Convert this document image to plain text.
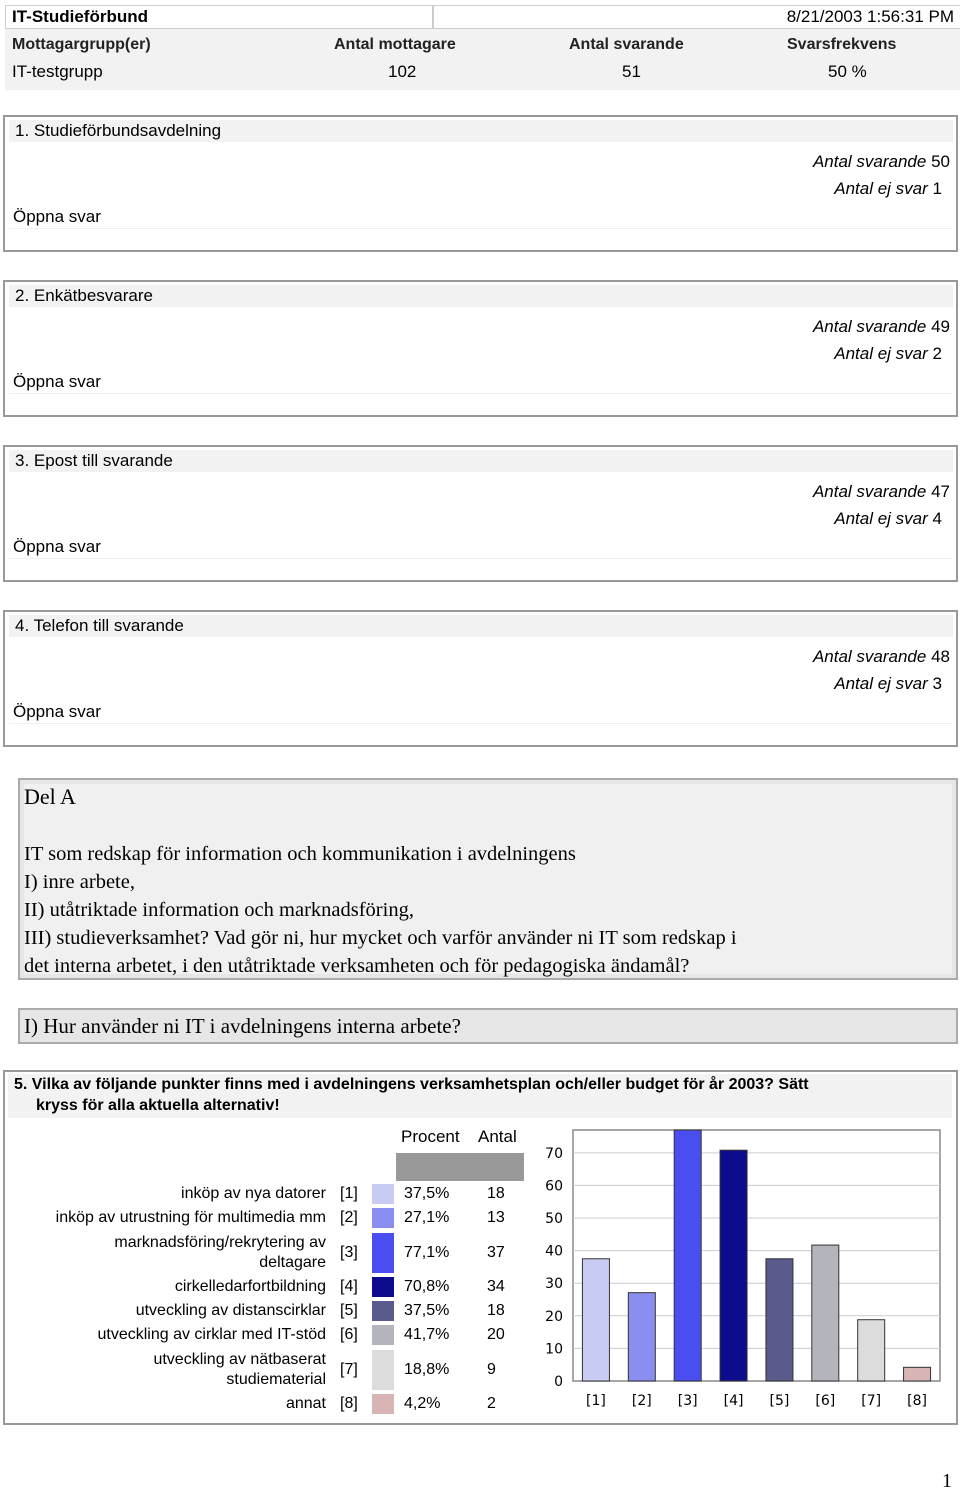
IT-Studieförbund	8/21/2003 1:56:31 PM
Mottagargrupp(er)	Antal mottagare	Antal svarande	Svarsfrekvens
IT-testgrupp	102	51	50 %
1. Studieförbundsavdelning
Antal svarande 50
Antal ej svar 1
Öppna svar
2. Enkätbesvarare
Antal svarande 49
Antal ej svar 2
Öppna svar
3. Epost till svarande
Antal svarande 47
Antal ej svar 4
Öppna svar
4. Telefon till svarande
Antal svarande 48
Antal ej svar 3
Öppna svar
Del A
IT som redskap för information och kommunikation i avdelningens
I) inre arbete,
II) utåtriktade information och marknadsföring,
III) studieverksamhet? Vad gör ni, hur mycket och varför använder ni IT som redskap i
det interna arbetet, i den utåtriktade verksamheten och för pedagogiska ändamål?
I) Hur använder ni IT i avdelningens interna arbete?
5. Vilka av följande punkter finns med i avdelningens verksamhetsplan och/eller budget för år 2003? Sätt
kryss för alla aktuella alternativ!
Procent Antal
inköp av nya datorer [1]	37,5% 18
inköp av utrustning för multimedia mm [2]	27,1% 13
marknadsföring/rekrytering av deltagare
[3]	77,1% 37
cirkelledarfortbildning [4]	70,8% 34
utveckling av distanscirklar [5]	37,5% 18
utveckling av cirklar med IT-stöd [6]	41,7% 20
utveckling av nätbaserat studiematerial
[7]	18,8% 9
annat [8]	4,2%	2
0
10
20
30
40
50
60
70
[1] [2] [3] [4] [5] [6] [7] [8]
1
